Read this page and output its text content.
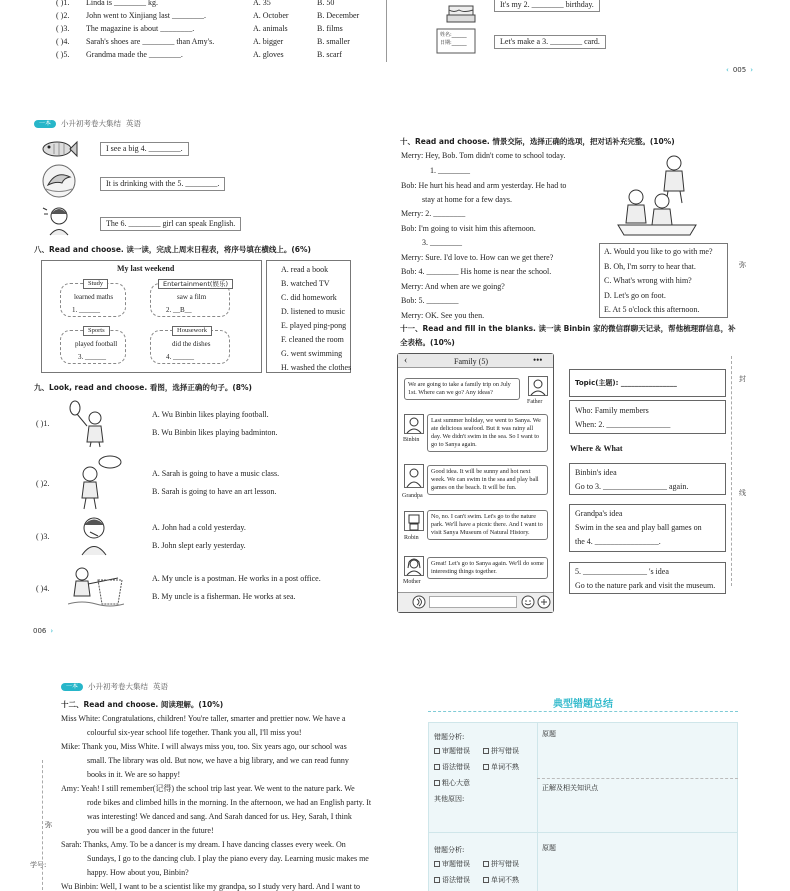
( )1. Linda is ________ kg.	A. 35	B. 50
( )2. John went to Xinjiang last ________.	A. October	B. December
( )3. The magazine is about ________.	A. animals	B. films
( )4. Sarah's shoes are ________ than Amy's.	A. bigger	B. smaller
( )5. Grandma made the ________.	A. gloves	B. scarf
It's my 2. ________ birthday.
姓名:______
日期:______	Let's make a 3. ________ card.
‹ 005 ›
一本	小升初考卷大集结 英语
I see a big 4. ________.
It is drinking with the 5. ________.
The 6. ________ girl can speak English.
八、Read and choose. 读一读，完成上周末日程表，将序号填在横线上。(6%)
My last weekend
Study	Entertainment(娱乐)
Sports	Housework
learned maths	saw a film
played football	did the dishes
1. ______	2. __B__
3. ______	4. ______
A. read a book
B. watched TV
C. did homework
D. listened to music
E. played ping-pong
F. cleaned the room
G. went swimming
H. washed the clothes
九、Look, read and choose. 看图，选择正确的句子。(8%)
( )1.
A. Wu Binbin likes playing football.
B. Wu Binbin likes playing badminton.
( )2.
A. Sarah is going to have a music class.
B. Sarah is going to have an art lesson.
( )3.
A. John had a cold yesterday.
B. John slept early yesterday.
( )4.
A. My uncle is a postman. He works in a post office.
B. My uncle is a fisherman. He works at sea.
006 ›
十、Read and choose. 情景交际，选择正确的选项，把对话补充完整。(10%)
Merry: Hey, Bob. Tom didn't come to school today.
1. ________
Bob: He hurt his head and arm yesterday. He had to
stay at home for a few days.
Merry: 2. ________
Bob: I'm going to visit him this afternoon.
3. ________
Merry: Sure. I'd love to. How can we get there?
Bob: 4. ________ His home is near the school.
Merry: And when are we going?
Bob: 5. ________
Merry: OK. See you then.
A. Would you like to go with me?
B. Oh, I'm sorry to hear that.
C. What's wrong with him?
D. Let's go on foot.
E. At 5 o'clock this afternoon.
十一、Read and fill in the blanks. 读一读 Binbin 家的微信群聊天记录，帮他梳理群信息，补
全表格。(10%)
‹	Family (5)	•••
We are going to take a family trip on July 1st. Where can we go? Any ideas?
Father
Binbin
Last summer holiday, we went to Sanya. We ate delicious seafood. But it was rainy all day. We didn't swim in the sea. So I want to go to Sanya again.
Grandpa
Good idea. It will be sunny and hot next week. We can swim in the sea and play ball games on the beach. It will be fun.
Robin
No, no. I can't swim. Let's go to the nature park. We'll have a picnic there. And I want to visit Sanya Museum of Natural History.
Mother
Great! Let's go to Sanya again. We'll do some interesting things together.
Topic(主题): ________________
Who: Family members
When: 2. ________________
Where & What
Binbin's idea
Go to 3. ________________ again.
Grandpa's idea
Swim in the sea and play ball games on
the 4. ________________.
5. ________________ 's idea
Go to the nature park and visit the museum.
弥
封
线
一本	小升初考卷大集结 英语
十二、Read and choose. 阅读理解。(10%)
Miss White: Congratulations, children! You're taller, smarter and prettier now. We have a
colourful six-year school life together. Thank you all, I'll miss you!
Mike: Thank you, Miss White. I will always miss you, too. Six years ago, our school was
small. The library was old. But now, we have a big library, and we can read funny
books in it. We are so happy!
Amy: Yeah! I still remember(记得) the school trip last year. We went to the nature park. We
rode bikes and climbed hills in the morning. In the afternoon, we had an English party. It
was interesting! We danced and sang. And Sarah danced for us. Hey, Sarah, I think
you will be a good dancer in the future!
Sarah: Thanks, Amy. To be a dancer is my dream. I have dancing classes every week. On
Sundays, I go to the dancing club. I play the piano every day. Learning music makes me
happy. How about you, Binbin?
Wu Binbin: Well, I want to be a scientist like my grandpa, so I study very hard. And I want to
弥
学号:
典型错题总结
错题分析:
审题错误	拼写错误
语法错误	单词不熟
粗心大意
其他原因:
原题
正解及相关知识点
错题分析:
审题错误	拼写错误
语法错误	单词不熟
原题
